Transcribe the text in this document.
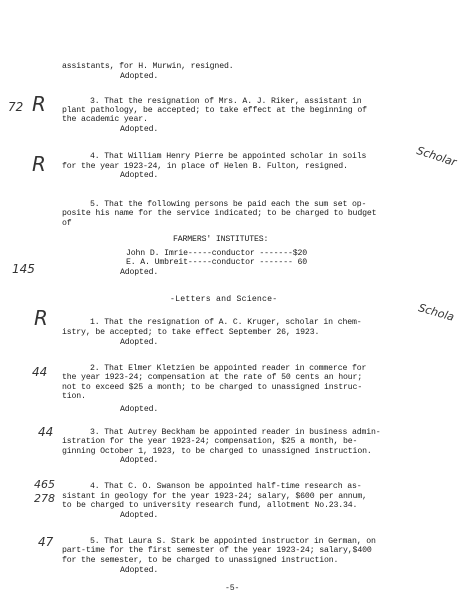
assistants, for H. Murwin, resigned.
Adopted.
3. That the resignation of Mrs. A. J. Riker, assistant in
plant pathology, be accepted; to take effect at the beginning of
the academic year.
Adopted.
4. That William Henry Pierre be appointed scholar in soils
for the year 1923-24, in place of Helen B. Fulton, resigned.
Adopted.
5. That the following persons be paid each the sum set op-
posite his name for the service indicated; to be charged to budget
of
FARMERS' INSTITUTES:
John D. Imrie-----conductor -------$20
E. A. Umbreit-----conductor ------- 60
Adopted.
-Letters and Science-
1. That the resignation of A. C. Kruger, scholar in chem-
istry, be accepted; to take effect September 26, 1923.
Adopted.
2. That Elmer Kletzien be appointed reader in commerce for
the year 1923-24; compensation at the rate of 50 cents an hour;
not to exceed $25 a month; to be charged to unassigned instruc-
tion.
Adopted.
3. That Autrey Beckham be appointed reader in business admin-
istration for the year 1923-24; compensation, $25 a month, be-
ginning October 1, 1923, to be charged to unassigned instruction.
Adopted.
4. That C. O. Swanson be appointed half-time research as-
sistant in geology for the year 1923-24; salary, $600 per annum,
to be charged to university research fund, allotment No.23.34.
Adopted.
5. That Laura S. Stark be appointed instructor in German, on
part-time for the first semester of the year 1923-24; salary,$400
for the semester, to be charged to unassigned instruction.
Adopted.
-5-
72 R
R	Scholar
145
R	Schola
44
44
465
278
47
